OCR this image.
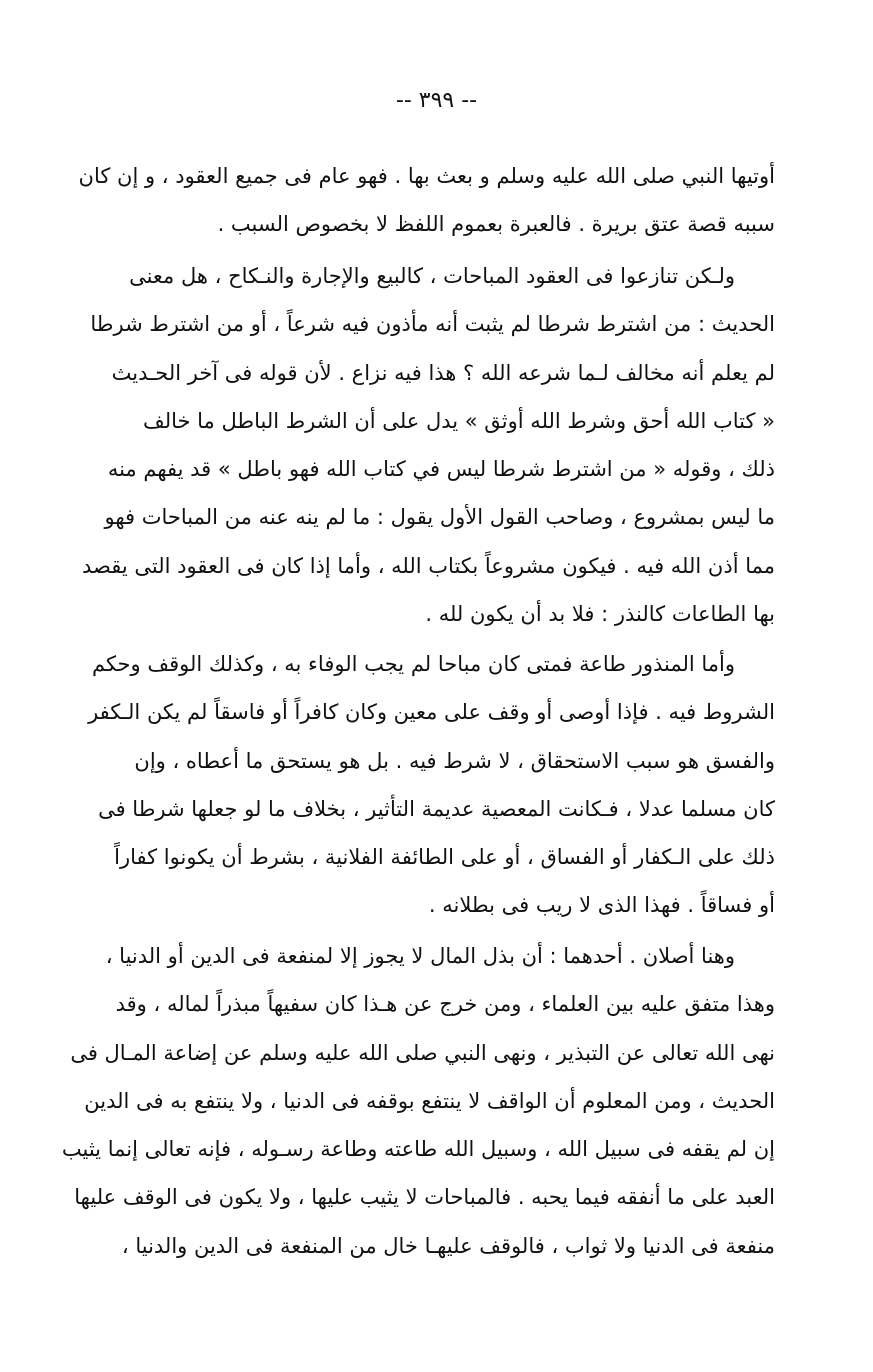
-- ٣٩٩ --
أوتيها النبي صلى الله عليه وسلم و بعث بها . فهو عام فى جميع العقود ، و إن كان
سببه قصة عتق بريرة . فالعبرة بعموم اللفظ لا بخصوص السبب .
ولـكن تنازعوا فى العقود المباحات ، كالبيع والإجارة والنـكاح ، هل معنى
الحديث : من اشترط شرطا لم يثبت أنه مأذون فيه شرعاً ، أو من اشترط شرطا
لم يعلم أنه مخالف لـما شرعه الله ؟ هذا فيه نزاع . لأن قوله فى آخر الحـديث
« كتاب الله أحق وشرط الله أوثق » يدل على أن الشرط الباطل ما خالف
ذلك ، وقوله « من اشترط شرطا ليس في كتاب الله فهو باطل » قد يفهم منه
ما ليس بمشروع ، وصاحب القول الأول يقول : ما لم ينه عنه من المباحات فهو
مما أذن الله فيه . فيكون مشروعاً بكتاب الله ، وأما إذا كان فى العقود التى يقصد
بها الطاعات كالنذر : فلا بد أن يكون لله .
وأما المنذور طاعة فمتى كان مباحا لم يجب الوفاء به ، وكذلك الوقف وحكم
الشروط فيه . فإذا أوصى أو وقف على معين وكان كافراً أو فاسقاً لم يكن الـكفر
والفسق هو سبب الاستحقاق ، لا شرط فيه . بل هو يستحق ما أعطاه ، وإن
كان مسلما عدلا ، فـكانت المعصية عديمة التأثير ، بخلاف ما لو جعلها شرطا فى
ذلك على الـكفار أو الفساق ، أو على الطائفة الفلانية ، بشرط أن يكونوا كفاراً
أو فساقاً . فهذا الذى لا ريب فى بطلانه .
وهنا أصلان . أحدهما : أن بذل المال لا يجوز إلا لمنفعة فى الدين أو الدنيا ،
وهذا متفق عليه بين العلماء ، ومن خرج عن هـذا كان سفيهاً مبذراً لماله ، وقد
نهى الله تعالى عن التبذير ، ونهى النبي صلى الله عليه وسلم عن إضاعة المـال فى
الحديث ، ومن المعلوم أن الواقف لا ينتفع بوقفه فى الدنيا ، ولا ينتفع به فى الدين
إن لم يقفه فى سبيل الله ، وسبيل الله طاعته وطاعة رسـوله ، فإنه تعالى إنما يثيب
العبد على ما أنفقه فيما يحبه . فالمباحات لا يثيب عليها ، ولا يكون فى الوقف عليها
منفعة فى الدنيا ولا ثواب ، فالوقف عليهـا خال من المنفعة فى الدين والدنيا ،
